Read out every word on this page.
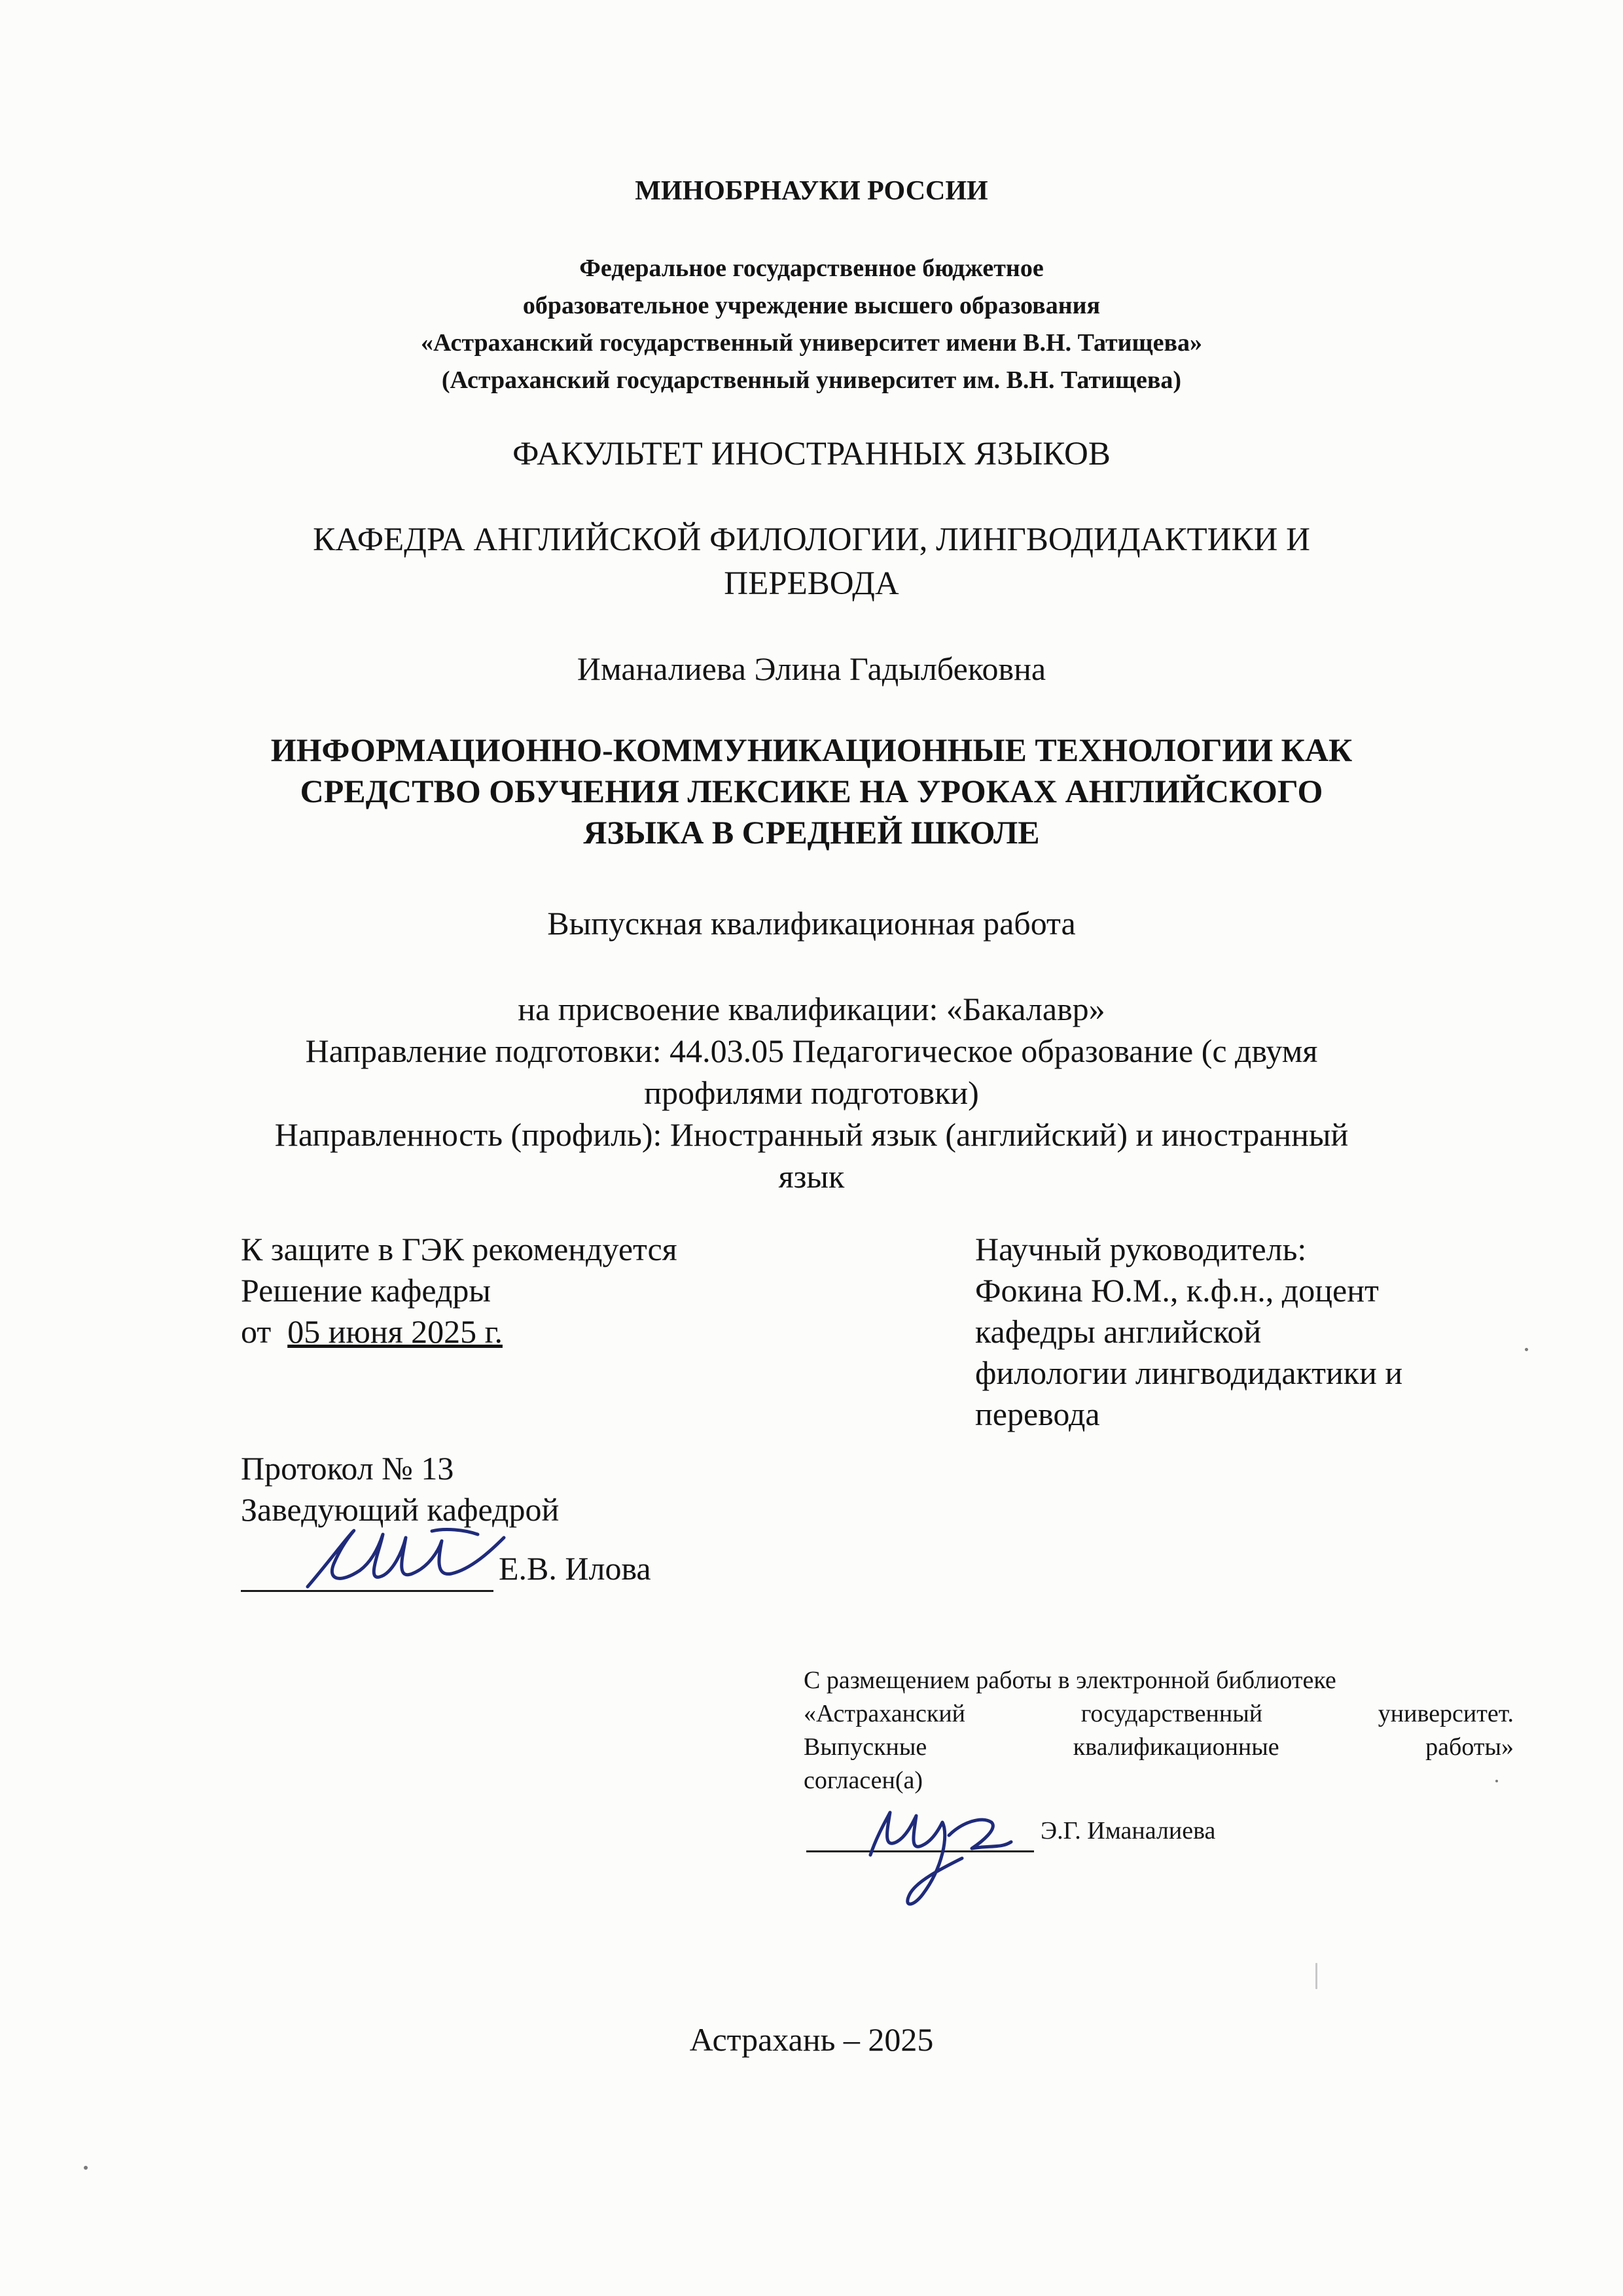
МИНОБРНАУКИ РОССИИ
Федеральное государственное бюджетное
образовательное учреждение высшего образования
«Астраханский государственный университет имени В.Н. Татищева»
(Астраханский государственный университет им. В.Н. Татищева)
ФАКУЛЬТЕТ ИНОСТРАННЫХ ЯЗЫКОВ
КАФЕДРА АНГЛИЙСКОЙ ФИЛОЛОГИИ, ЛИНГВОДИДАКТИКИ И
ПЕРЕВОДА
Иманалиева Элина Гадылбековна
ИНФОРМАЦИОННО-КОММУНИКАЦИОННЫЕ ТЕХНОЛОГИИ КАК
СРЕДСТВО ОБУЧЕНИЯ ЛЕКСИКЕ НА УРОКАХ АНГЛИЙСКОГО
ЯЗЫКА В СРЕДНЕЙ ШКОЛЕ
Выпускная квалификационная работа
на присвоение квалификации: «Бакалавр»
Направление подготовки: 44.03.05 Педагогическое образование (с двумя
профилями подготовки)
Направленность (профиль): Иностранный язык (английский) и иностранный
язык
К защите в ГЭК рекомендуется
Решение кафедры
от 05 июня 2025 г.
Протокол № 13
Заведующий кафедрой
Е.В. Илова
Научный руководитель:
Фокина Ю.М., к.ф.н., доцент
кафедры английской
филологии лингводидактики и
перевода
С размещением работы в электронной библиотеке
«Астраханский	государственный	университет.
Выпускные	квалификационные	работы»
согласен(а)
Э.Г. Иманалиева
Астрахань – 2025
